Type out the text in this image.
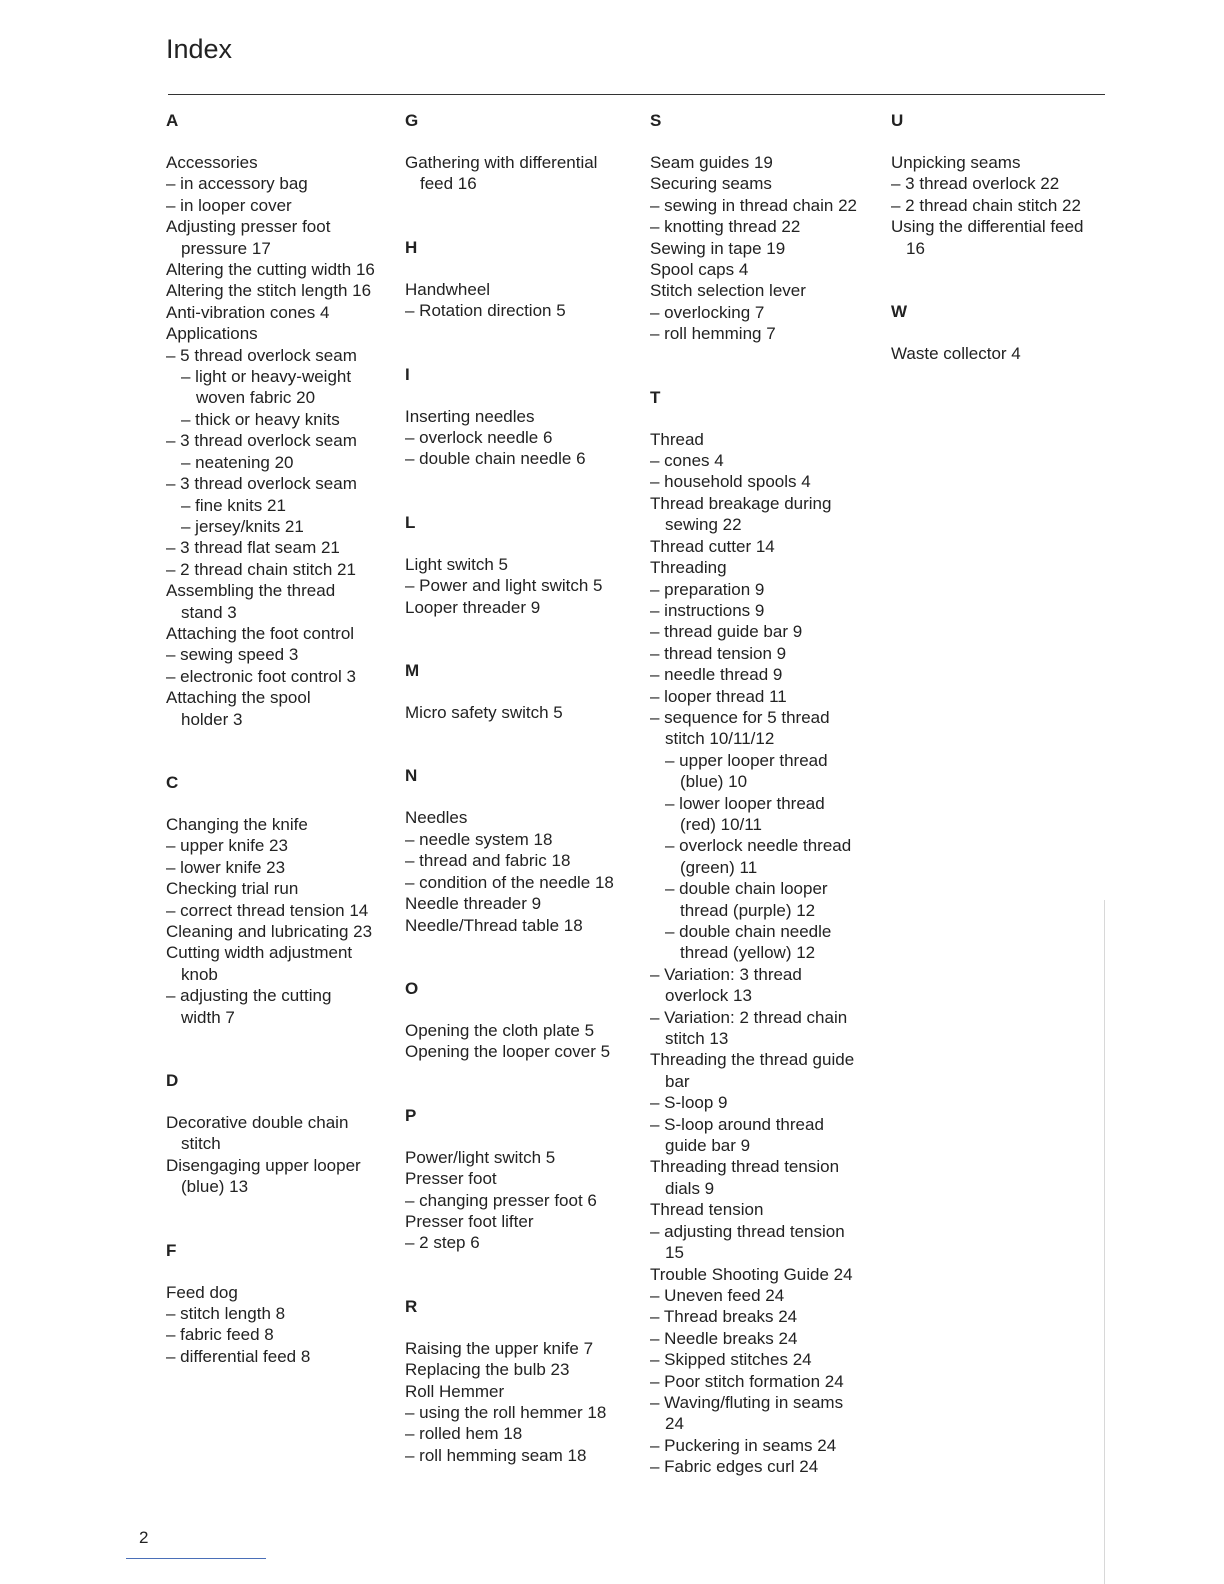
Index
A
Accessories
– in accessory bag
– in looper cover
Adjusting presser foot
pressure 17
Altering the cutting width 16
Altering the stitch length 16
Anti-vibration cones 4
Applications
– 5 thread overlock seam
– light or heavy-weight
woven fabric 20
– thick or heavy knits
– 3 thread overlock seam
– neatening 20
– 3 thread overlock seam
– fine knits 21
– jersey/knits 21
– 3 thread flat seam 21
– 2 thread chain stitch 21
Assembling the thread
stand 3
Attaching the foot control
– sewing speed 3
– electronic foot control 3
Attaching the spool
holder 3
C
Changing the knife
– upper knife 23
– lower knife 23
Checking trial run
– correct thread tension 14
Cleaning and lubricating 23
Cutting width adjustment
knob
– adjusting the cutting
width 7
D
Decorative double chain
stitch
Disengaging upper looper
(blue) 13
F
Feed dog
– stitch length 8
– fabric feed 8
– differential feed 8
G
Gathering with differential
feed 16
H
Handwheel
– Rotation direction 5
I
Inserting needles
– overlock needle 6
– double chain needle 6
L
Light switch 5
– Power and light switch 5
Looper threader 9
M
Micro safety switch 5
N
Needles
– needle system 18
– thread and fabric 18
– condition of the needle 18
Needle threader 9
Needle/Thread table 18
O
Opening the cloth plate 5
Opening the looper cover 5
P
Power/light switch 5
Presser foot
– changing presser foot 6
Presser foot lifter
– 2 step 6
R
Raising the upper knife 7
Replacing the bulb 23
Roll Hemmer
– using the roll hemmer 18
– rolled hem 18
– roll hemming seam 18
S
Seam guides 19
Securing seams
– sewing in thread chain 22
– knotting thread 22
Sewing in tape 19
Spool caps 4
Stitch selection lever
– overlocking 7
– roll hemming 7
T
Thread
– cones 4
– household spools 4
Thread breakage during
sewing 22
Thread cutter 14
Threading
– preparation 9
– instructions 9
– thread guide bar 9
– thread tension 9
– needle thread 9
– looper thread 11
– sequence for 5 thread
stitch 10/11/12
– upper looper thread
(blue) 10
– lower looper thread
(red) 10/11
– overlock needle thread
(green) 11
– double chain looper
thread (purple) 12
– double chain needle
thread (yellow) 12
– Variation: 3 thread
overlock 13
– Variation: 2 thread chain
stitch 13
Threading the thread guide
bar
– S-loop 9
– S-loop around thread
guide bar 9
Threading thread tension
dials 9
Thread tension
– adjusting thread tension
15
Trouble Shooting Guide 24
– Uneven feed 24
– Thread breaks 24
– Needle breaks 24
– Skipped stitches 24
– Poor stitch formation 24
– Waving/fluting in seams
24
– Puckering in seams 24
– Fabric edges curl 24
U
Unpicking seams
– 3 thread overlock 22
– 2 thread chain stitch 22
Using the differential feed
16
W
Waste collector 4
2
